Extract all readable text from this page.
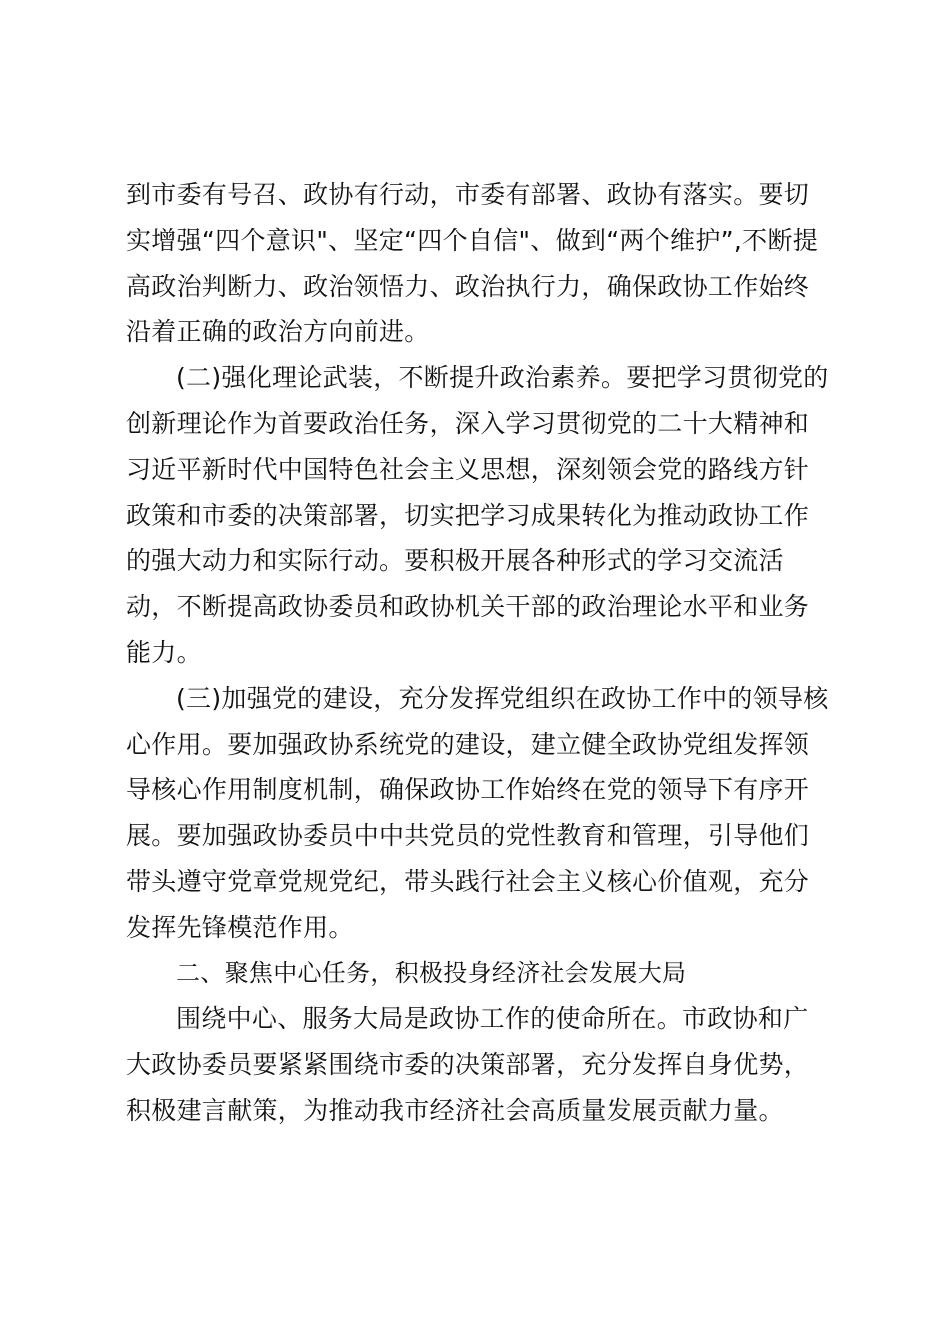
到市委有号召、政协有行动，市委有部署、政协有落实。要切
实增强“四个意识"、坚定“四个自信"、做到“两个维护”,不断提
高政治判断力、政治领悟力、政治执行力，确保政协工作始终
沿着正确的政治方向前进。

(二)强化理论武装，不断提升政治素养。要把学习贯彻党的
创新理论作为首要政治任务，深入学习贯彻党的二十大精神和
习近平新时代中国特色社会主义思想，深刻领会党的路线方针
政策和市委的决策部署，切实把学习成果转化为推动政协工作
的强大动力和实际行动。要积极开展各种形式的学习交流活
动，不断提高政协委员和政协机关干部的政治理论水平和业务
能力。

(三)加强党的建设，充分发挥党组织在政协工作中的领导核
心作用。要加强政协系统党的建设，建立健全政协党组发挥领
导核心作用制度机制，确保政协工作始终在党的领导下有序开
展。要加强政协委员中中共党员的党性教育和管理，引导他们
带头遵守党章党规党纪，带头践行社会主义核心价值观，充分
发挥先锋模范作用。

二、聚焦中心任务，积极投身经济社会发展大局

围绕中心、服务大局是政协工作的使命所在。市政协和广
大政协委员要紧紧围绕市委的决策部署，充分发挥自身优势，
积极建言献策，为推动我市经济社会高质量发展贡献力量。
